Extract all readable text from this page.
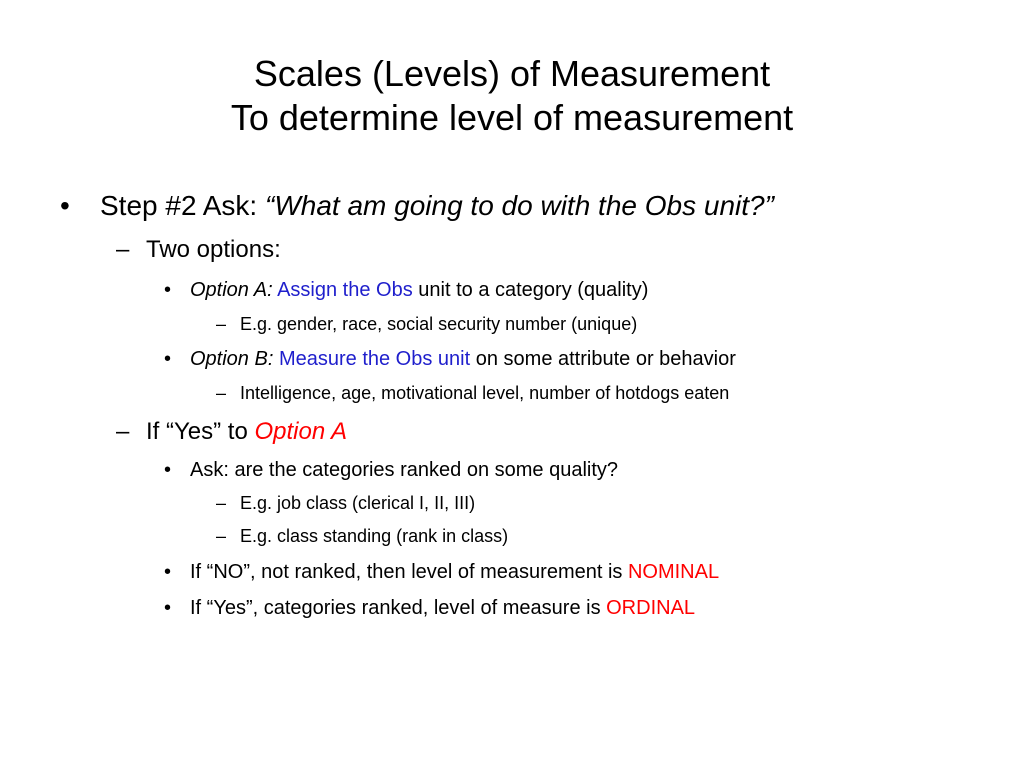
Scales (Levels) of Measurement
To determine level of measurement
• Step #2 Ask: “What am going to do with the Obs unit?”
– Two options:
• Option A: Assign the Obs unit to a category (quality)
– E.g. gender, race, social security number (unique)
• Option B: Measure the Obs unit on some attribute or behavior
– Intelligence, age, motivational level, number of hotdogs eaten
– If “Yes” to Option A
• Ask: are the categories ranked on some quality?
– E.g. job class (clerical I, II, III)
– E.g. class standing (rank in class)
• If “NO”, not ranked, then level of measurement is NOMINAL
• If “Yes”, categories ranked, level of measure is ORDINAL
